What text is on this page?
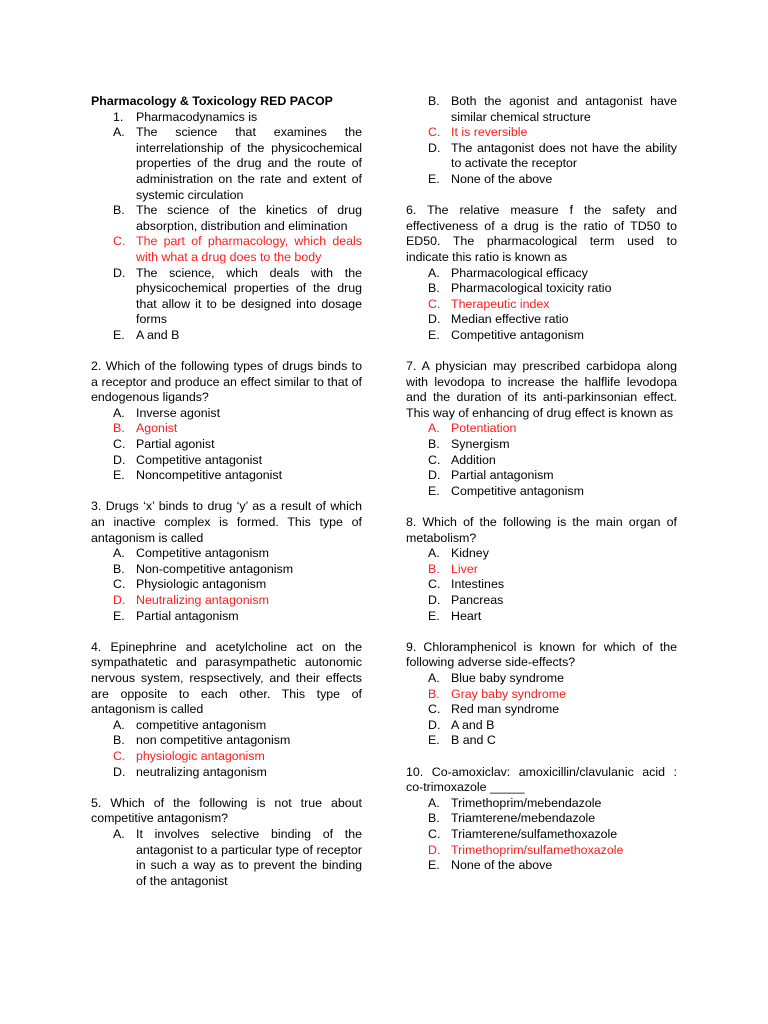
Pharmacology & Toxicology RED PACOP
1. Pharmacodynamics is
A. The science that examines the interrelationship of the physicochemical properties of the drug and the route of administration on the rate and extent of systemic circulation
B. The science of the kinetics of drug absorption, distribution and elimination
C. The part of pharmacology, which deals with what a drug does to the body
D. The science, which deals with the physicochemical properties of the drug that allow it to be designed into dosage forms
E. A and B
2. Which of the following types of drugs binds to a receptor and produce an effect similar to that of endogenous ligands?
A. Inverse agonist
B. Agonist
C. Partial agonist
D. Competitive antagonist
E. Noncompetitive antagonist
3. Drugs ‘x’ binds to drug ‘y’ as a result of which an inactive complex is formed. This type of    antagonism is called
A. Competitive antagonism
B. Non-competitive antagonism
C. Physiologic antagonism
D. Neutralizing antagonism
E. Partial antagonism
4. Epinephrine and acetylcholine act on the sympathatetic and parasympathetic autonomic nervous system, respsectively, and their effects are opposite to each other. This type of antagonism is called
A. competitive antagonism
B. non competitive antagonism
C. physiologic antagonism
D. neutralizing antagonism
5. Which of the following is not true about competitive antagonism?
A. It involves selective binding of the antagonist to a particular type of receptor in such a way as to prevent the binding of the antagonist
B. Both the agonist and antagonist have similar chemical structure
C. It is reversible
D. The antagonist does not have the ability to activate the receptor
E. None of the above
6. The relative measure f the safety and effectiveness of a drug is the ratio of TD50 to ED50. The pharmacological term used to indicate this ratio is known as
A. Pharmacological efficacy
B. Pharmacological toxicity ratio
C. Therapeutic index
D. Median effective ratio
E. Competitive antagonism
7. A physician may prescribed carbidopa along with levodopa to increase the halflife levodopa and the duration of its anti-parkinsonian effect. This way of enhancing of drug effect is known as
A. Potentiation
B. Synergism
C. Addition
D. Partial antagonism
E. Competitive antagonism
8. Which of the following is the main organ of metabolism?
A. Kidney
B. Liver
C. Intestines
D. Pancreas
E. Heart
9. Chloramphenicol is known for which of the following adverse side-effects?
A. Blue baby syndrome
B. Gray baby syndrome
C. Red man syndrome
D. A and B
E. B and C
10. Co-amoxiclav: amoxicillin/clavulanic acid : co-trimoxazole _____
A. Trimethoprim/mebendazole
B. Triamterene/mebendazole
C. Triamterene/sulfamethoxazole
D. Trimethoprim/sulfamethoxazole
E. None of the above
